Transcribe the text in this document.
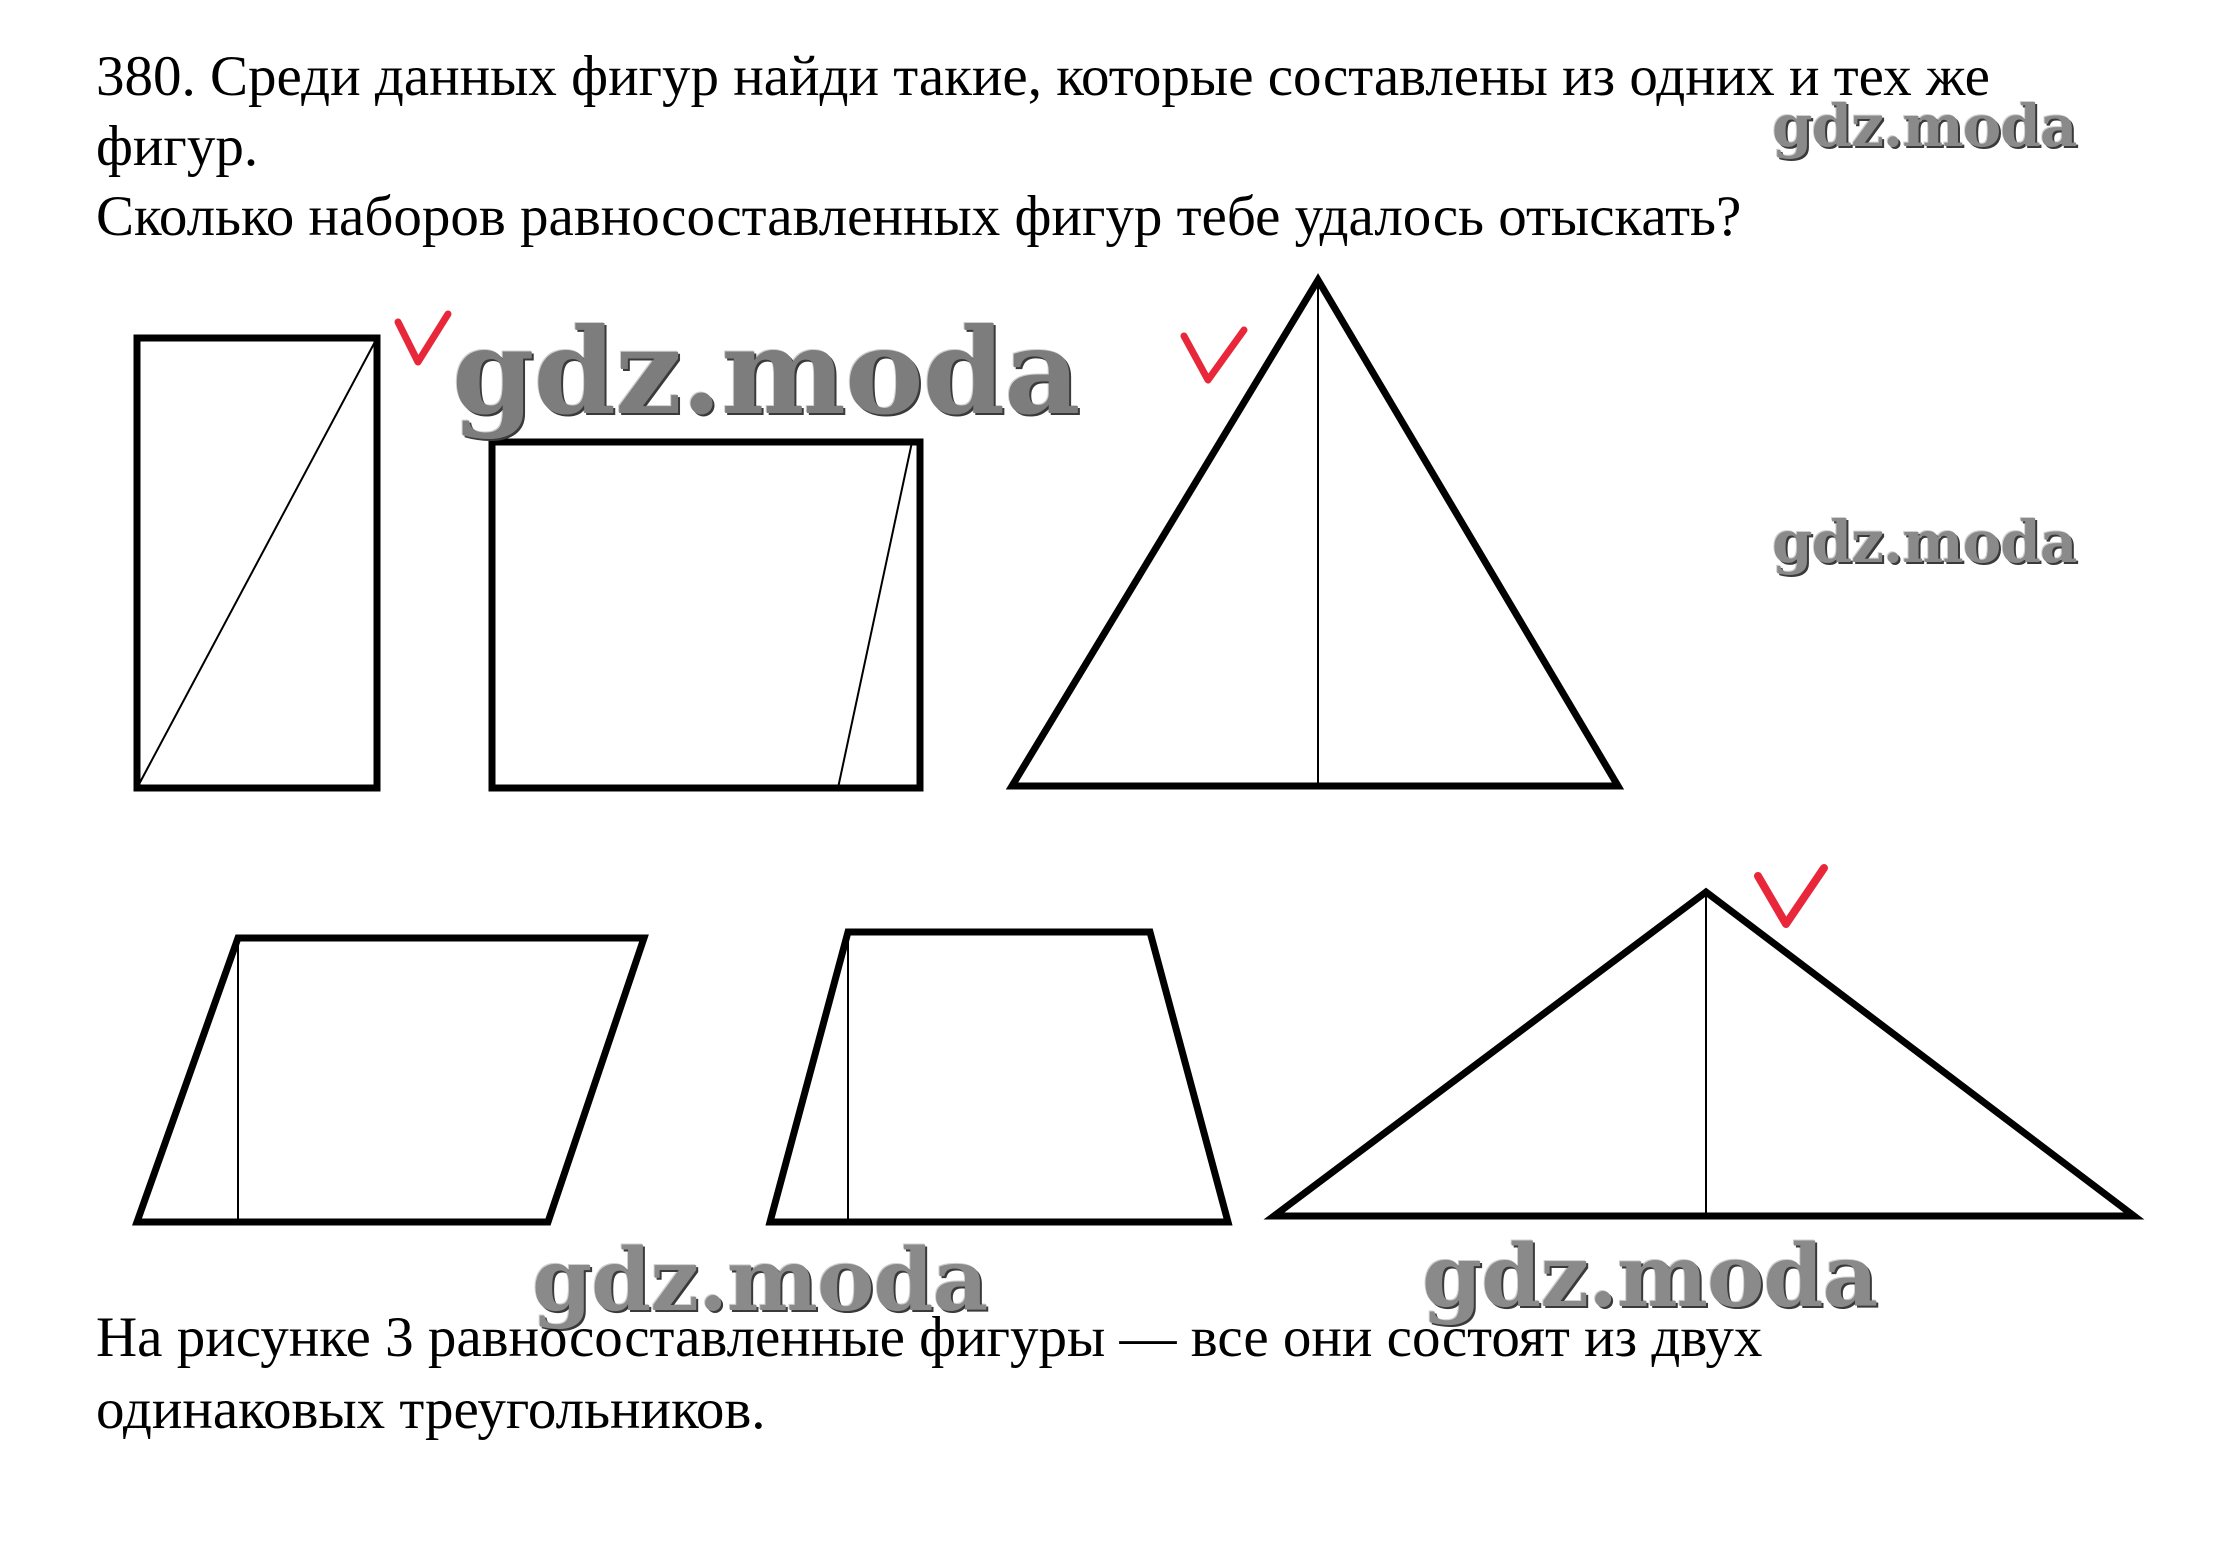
380. Среди данных фигур найди такие, которые составлены из одних и тех же
фигур.
Сколько наборов равносоставленных фигур тебе удалось отыскать?
gdz.moda
gdz.moda
gdz.moda
gdz.moda	gdz.moda
На рисунке 3 равносоставленные фигуры — все они состоят из двух
одинаковых треугольников.
